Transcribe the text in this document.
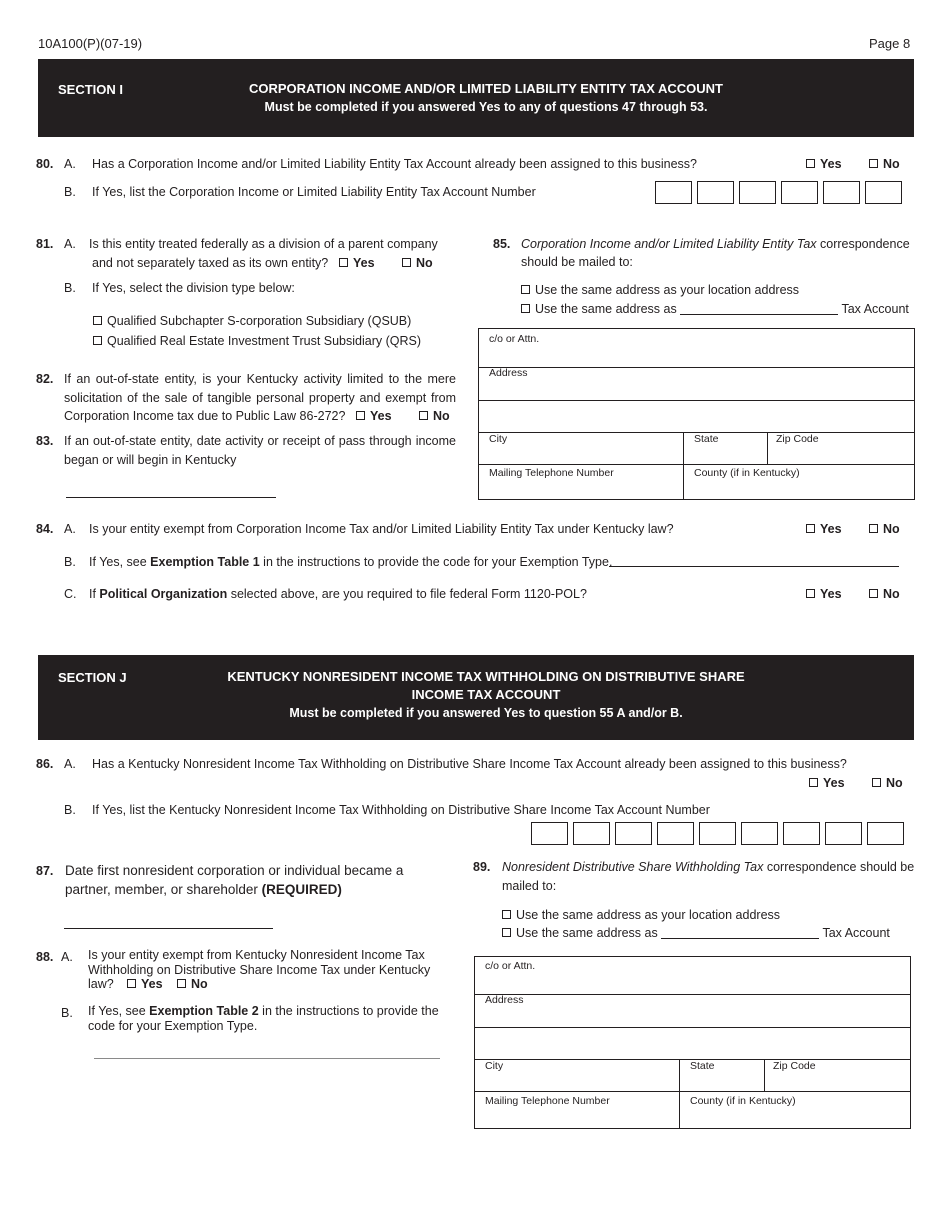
10A100(P)(07-19)	Page 8
SECTION I	CORPORATION INCOME AND/OR LIMITED LIABILITY ENTITY TAX ACCOUNT
Must be completed if you answered Yes to any of questions 47 through 53.
80. A. Has a Corporation Income and/or Limited Liability Entity Tax Account already been assigned to this business?	Yes	No
B. If Yes, list the Corporation Income or Limited Liability Entity Tax Account Number
81. A. Is this entity treated federally as a division of a parent company
and not separately taxed as its own entity?	Yes	No
B. If Yes, select the division type below:
Qualified Subchapter S-corporation Subsidiary (QSUB)
Qualified Real Estate Investment Trust Subsidiary (QRS)
82. If an out-of-state entity, is your Kentucky activity limited to the mere
solicitation of the sale of tangible personal property and exempt from
Corporation Income tax due to Public Law 86-272?	Yes	No
83. If an out-of-state entity, date activity or receipt of pass through income
began or will begin in Kentucky
85. Corporation Income and/or Limited Liability Entity Tax correspondence
should be mailed to:
Use the same address as your location address
Use the same address as	Tax Account
c/o or Attn.
Address
City	State	Zip Code
Mailing Telephone Number	County (if in Kentucky)
84. A. Is your entity exempt from Corporation Income Tax and/or Limited Liability Entity Tax under Kentucky law?	Yes	No
B. If Yes, see Exemption Table 1 in the instructions to provide the code for your Exemption Type.
C. If Political Organization selected above, are you required to file federal Form 1120-POL?	Yes	No
SECTION J	KENTUCKY NONRESIDENT INCOME TAX WITHHOLDING ON DISTRIBUTIVE SHARE
INCOME TAX ACCOUNT
Must be completed if you answered Yes to question 55 A and/or B.
86. A. Has a Kentucky Nonresident Income Tax Withholding on Distributive Share Income Tax Account already been assigned to this business?
Yes	No
B. If Yes, list the Kentucky Nonresident Income Tax Withholding on Distributive Share Income Tax Account Number
87. Date first nonresident corporation or individual became a
partner, member, or shareholder (REQUIRED)
88. A. Is your entity exempt from Kentucky Nonresident Income Tax
Withholding on Distributive Share Income Tax under Kentucky
law?	Yes	No
B. If Yes, see Exemption Table 2 in the instructions to provide the
code for your Exemption Type.
89. Nonresident Distributive Share Withholding Tax correspondence should be
mailed to:
Use the same address as your location address
Use the same address as	Tax Account
c/o or Attn.
Address
City	State	Zip Code
Mailing Telephone Number	County (if in Kentucky)
